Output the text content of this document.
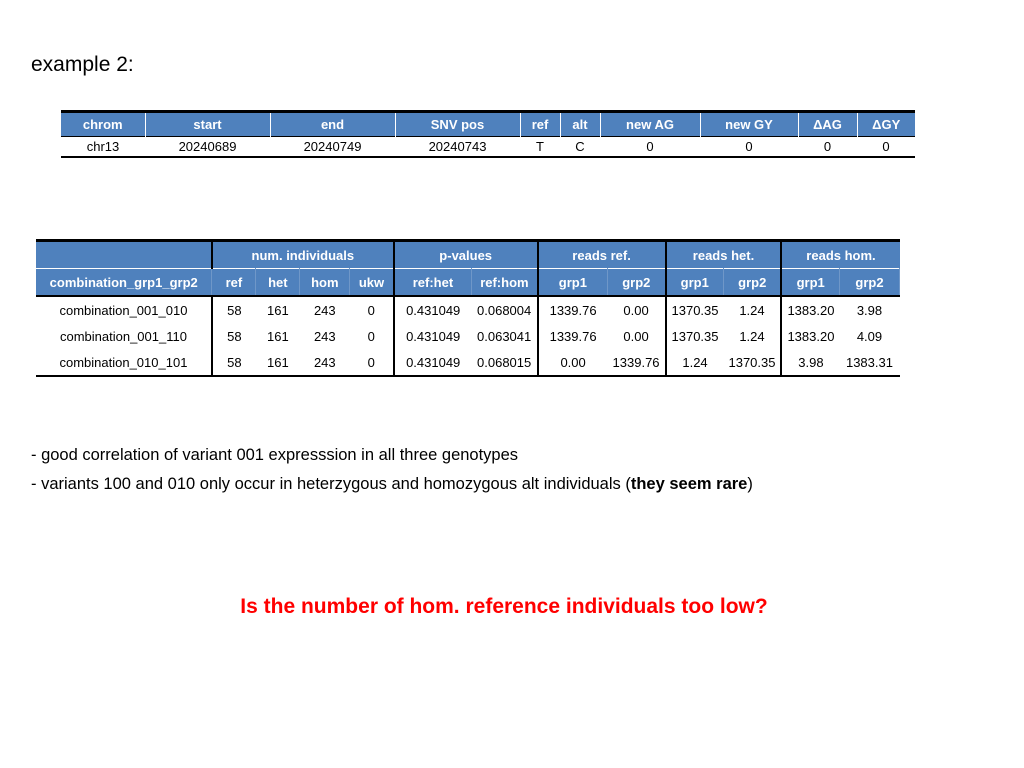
example 2:
chrom	start	end	SNV pos	ref	alt	new AG	new GY	ΔAG	ΔGY
chr13	20240689	20240749	20240743	T	C	0	0	0	0
	num. individuals				p-values		reads ref.		reads het.		reads hom.	
combination_grp1_grp2	ref	het	hom	ukw	ref:het	ref:hom	grp1	grp2	grp1	grp2	grp1	grp2
combination_001_010	58	161	243	0	0.431049	0.068004	1339.76	0.00	1370.35	1.24	1383.20	3.98
combination_001_110	58	161	243	0	0.431049	0.063041	1339.76	0.00	1370.35	1.24	1383.20	4.09
combination_010_101	58	161	243	0	0.431049	0.068015	0.00	1339.76	1.24	1370.35	3.98	1383.31
- good correlation of variant 001 expresssion in all three genotypes
- variants 100 and 010 only occur in heterzygous and homozygous alt individuals (they seem rare)
Is the number of hom. reference individuals too low?
